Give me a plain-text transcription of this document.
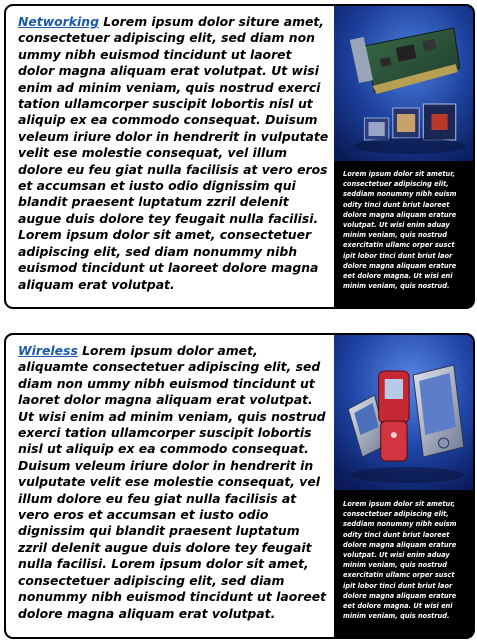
Networking Lorem ipsum dolor siture amet, consectetuer adipiscing elit, sed diam non ummy nibh euismod tincidunt ut laoret dolor magna aliquam erat volutpat. Ut wisi enim ad minim veniam, quis nostrud exerci tation ullamcorper suscipit lobortis nisl ut aliquip ex ea commodo consequat. Duisum veleum iriure dolor in hendrerit in vulputate velit ese molestie consequat, vel illum dolore eu feu giat nulla facilisis at vero eros et accumsan et iusto odio dignissim qui blandit praesent luptatum zzril delenit augue duis dolore tey feugait nulla facilisi. Lorem ipsum dolor sit amet, consectetuer adipiscing elit, sed diam nonummy nibh euismod tincidunt ut laoreet dolore magna aliquam erat volutpat.

Lorem ipsum dolor sit ametur, consectetuer adipiscing elit, seddiam nonummy nibh euism odity tinci dunt briut laoreet dolore magna aliquam erature volutpat. Ut wisi enim aduay minim veniam, quis nostrud exercitatin ullamc orper susct ipit lobor tinci dunt briut laor dolore magna aliquam erature eet dolore magna. Ut wisi eni minim veniam, quis nostrud.

Wireless Lorem ipsum dolor amet, aliquamte consectetuer adipiscing elit, sed diam non ummy nibh euismod tincidunt ut laoret dolor magna aliquam erat volutpat. Ut wisi enim ad minim veniam, quis nostrud exerci tation ullamcorper suscipit lobortis nisl ut aliquip ex ea commodo consequat. Duisum veleum iriure dolor in hendrerit in vulputate velit ese molestie consequat, vel illum dolore eu feu giat nulla facilisis at vero eros et accumsan et iusto odio dignissim qui blandit praesent luptatum zzril delenit augue duis dolore tey feugait nulla facilisi. Lorem ipsum dolor sit amet, consectetuer adipiscing elit, sed diam nonummy nibh euismod tincidunt ut laoreet dolore magna aliquam erat volutpat.

Lorem ipsum dolor sit ametur, consectetuer adipiscing elit, seddiam nonummy nibh euism odity tinci dunt briut laoreet dolore magna aliquam erature volutpat. Ut wisi enim aduay minim veniam, quis nostrud exercitatin ullamc orper susct ipit lobor tinci dunt briut laor dolore magna aliquam erature eet dolore magna. Ut wisi eni minim veniam, quis nostrud.
